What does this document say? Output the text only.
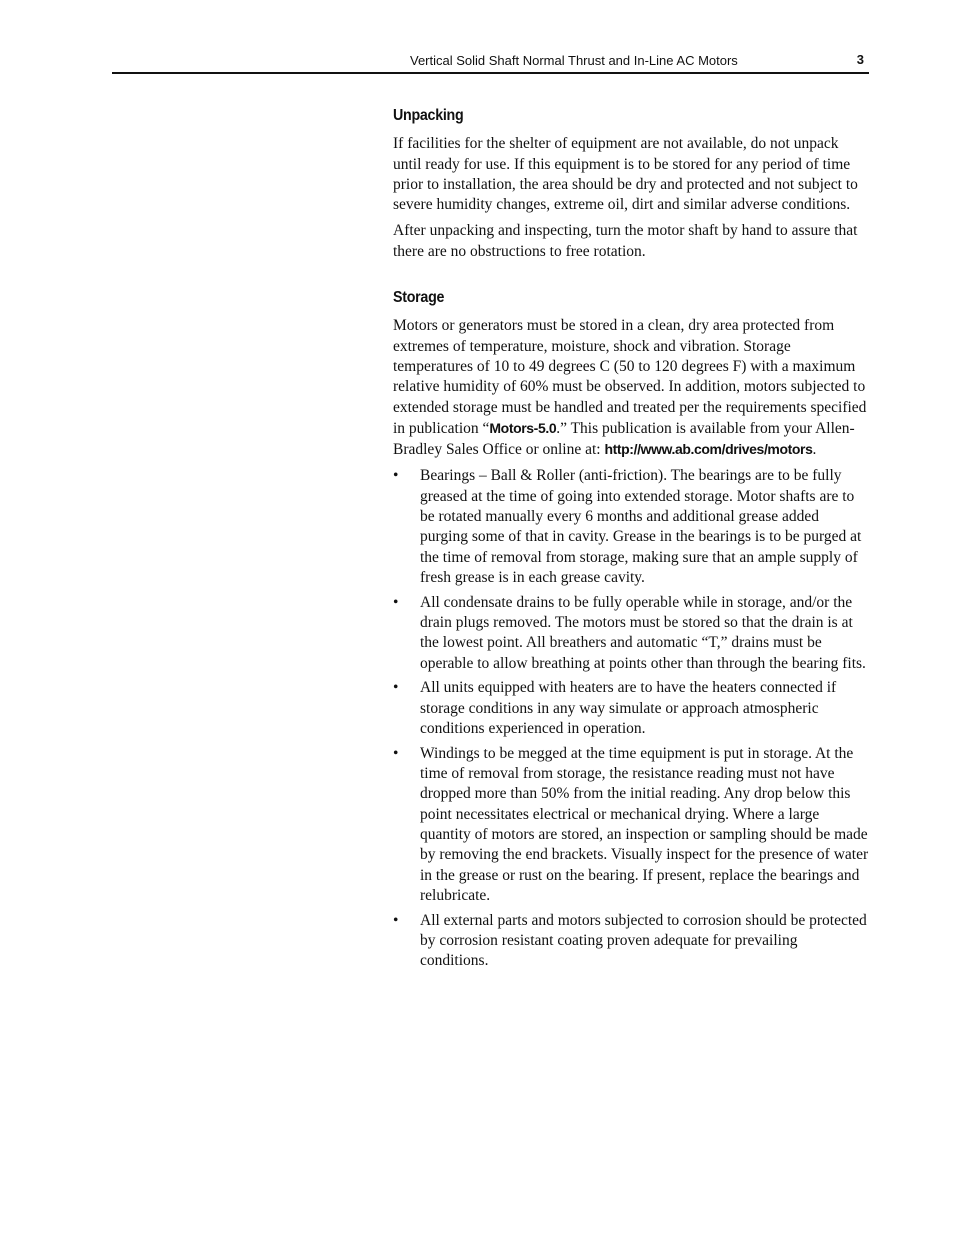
Vertical Solid Shaft Normal Thrust and In-Line AC Motors	3
Unpacking

If facilities for the shelter of equipment are not available, do not unpack until ready for use. If this equipment is to be stored for any period of time prior to installation, the area should be dry and protected and not subject to severe humidity changes, extreme oil, dirt and similar adverse conditions.

After unpacking and inspecting, turn the motor shaft by hand to assure that there are no obstructions to free rotation.

Storage

Motors or generators must be stored in a clean, dry area protected from extremes of temperature, moisture, shock and vibration. Storage temperatures of 10 to 49 degrees C (50 to 120 degrees F) with a maximum relative humidity of 60% must be observed. In addition, motors subjected to extended storage must be handled and treated per the requirements specified in publication “Motors-5.0.” This publication is available from your Allen-Bradley Sales Office or online at: http://www.ab.com/drives/motors.

• Bearings – Ball & Roller (anti-friction). The bearings are to be fully greased at the time of going into extended storage. Motor shafts are to be rotated manually every 6 months and additional grease added purging some of that in cavity. Grease in the bearings is to be purged at the time of removal from storage, making sure that an ample supply of fresh grease is in each grease cavity.
• All condensate drains to be fully operable while in storage, and/or the drain plugs removed. The motors must be stored so that the drain is at the lowest point. All breathers and automatic “T,” drains must be operable to allow breathing at points other than through the bearing fits.
• All units equipped with heaters are to have the heaters connected if storage conditions in any way simulate or approach atmospheric conditions experienced in operation.
• Windings to be megged at the time equipment is put in storage. At the time of removal from storage, the resistance reading must not have dropped more than 50% from the initial reading. Any drop below this point necessitates electrical or mechanical drying. Where a large quantity of motors are stored, an inspection or sampling should be made by removing the end brackets. Visually inspect for the presence of water in the grease or rust on the bearing. If present, replace the bearings and relubricate.
• All external parts and motors subjected to corrosion should be protected by corrosion resistant coating proven adequate for prevailing conditions.
